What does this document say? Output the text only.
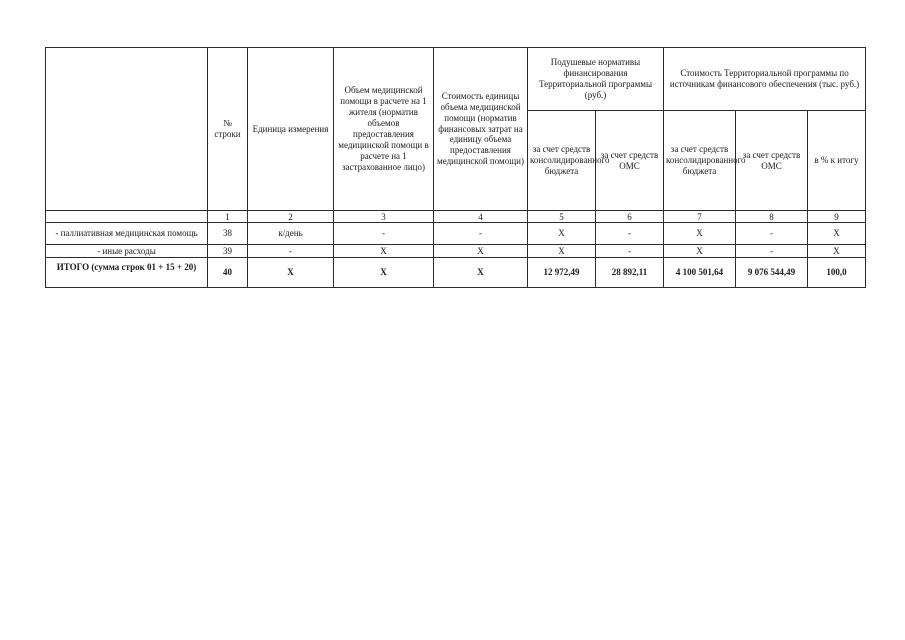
	№ строки	Единица измерения	Объем медицинской помощи в расчете на 1 жителя (норматив объемов предоставления медицинской помощи в расчете на 1 застрахованное лицо)	Стоимость единицы объема медицинской помощи (норматив финансовых затрат на единицу объема предоставления медицинской помощи)	Подушевые нормативы финансирования Территориальной программы (руб.)		Стоимость Территориальной программы по источникам финансового обеспечения (тыс. руб.)		
					за счет средств консолидированного бюджета	за счет средств ОМС	за счет средств консолидированного бюджета	за счет средств ОМС	в % к итогу
	1	2	3	4	5	6	7	8	9
- паллиативная медицинская помощь	38	к/день	-	-	X	-	X	-	X
- иные расходы	39	-	X	X	X	-	X	-	X
ИТОГО (сумма строк 01 + 15 + 20)	40	X	X	X	12 972,49	28 892,11	4 100 501,64	9 076 544,49	100,0
